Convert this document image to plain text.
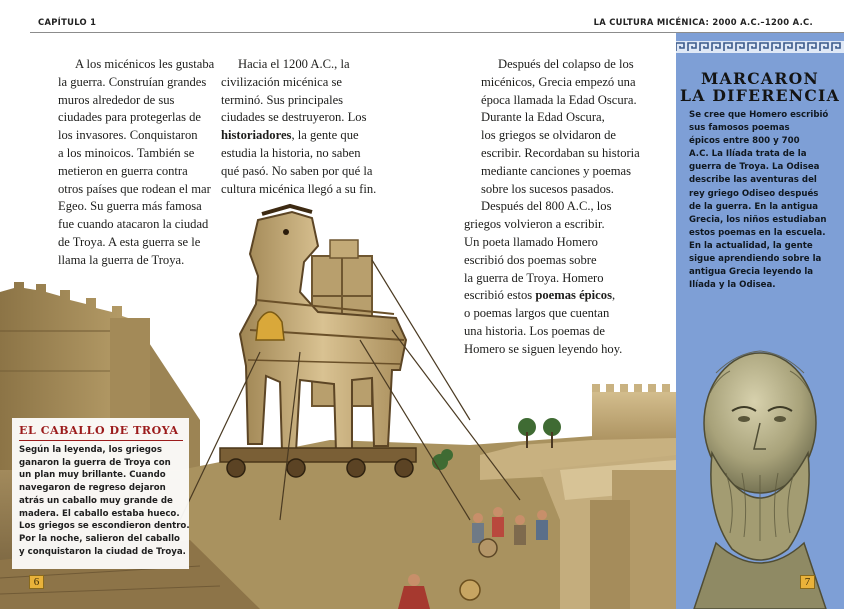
CAPÍTULO 1	LA CULTURA MICÉNICA: 2000 A.C.–1200 A.C.

A los micénicos les gustaba
la guerra. Construían grandes
muros alrededor de sus
ciudades para protegerlas de
los invasores. Conquistaron
a los minoicos. También se
metieron en guerra contra
otros países que rodean el mar
Egeo. Su guerra más famosa
fue cuando atacaron la ciudad
de Troya. A esta guerra se le
llama la guerra de Troya.

Hacia el 1200 A.C., la
civilización micénica se
terminó. Sus principales
ciudades se destruyeron. Los
historiadores, la gente que
estudia la historia, no saben
qué pasó. No saben por qué la
cultura micénica llegó a su fin.

Después del colapso de los
micénicos, Grecia empezó una
época llamada la Edad Oscura.
Durante la Edad Oscura,
los griegos se olvidaron de
escribir. Recordaban su historia
mediante canciones y poemas
sobre los sucesos pasados.

Después del 800 A.C., los
griegos volvieron a escribir.
Un poeta llamado Homero
escribió dos poemas sobre
la guerra de Troya. Homero
escribió estos poemas épicos,
o poemas largos que cuentan
una historia. Los poemas de
Homero se siguen leyendo hoy.
EL CABALLO DE TROYA
Según la leyenda, los griegos
ganaron la guerra de Troya con
un plan muy brillante. Cuando
navegaron de regreso dejaron
atrás un caballo muy grande de
madera. El caballo estaba hueco.
Los griegos se escondieron dentro.
Por la noche, salieron del caballo
y conquistaron la ciudad de Troya.
MARCARON
LA DIFERENCIA
Se cree que Homero escribió
sus famosos poemas
épicos entre 800 y 700
A.C. La Ilíada trata de la
guerra de Troya. La Odisea
describe las aventuras del
rey griego Odiseo después
de la guerra. En la antigua
Grecia, los niños estudiaban
estos poemas en la escuela.
En la actualidad, la gente
sigue aprendiendo sobre la
antigua Grecia leyendo la
Ilíada y la Odisea.
6	7
